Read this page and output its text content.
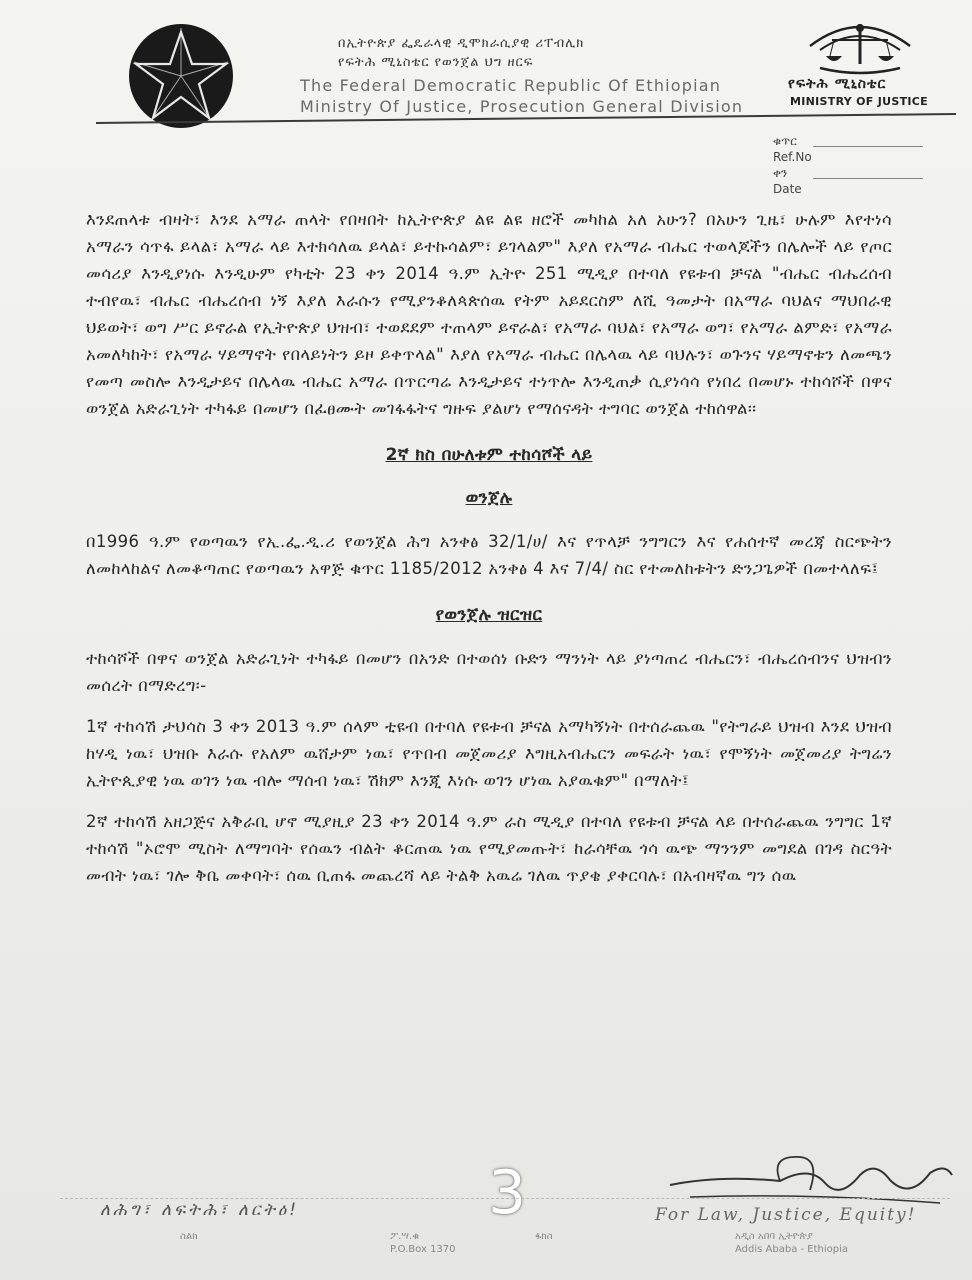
በኢትዮጵያ ፌዴራላዊ ዲሞክራሲያዊ ሪፐብሊክ
የፍትሕ ሚኒስቴር የወንጀል ህግ ዘርፍ
The Federal Democratic Republic Of Ethiopian
Ministry Of Justice, Prosecution General Division
የፍትሕ ሚኒስቴር
MINISTRY OF JUSTICE
ቁጥር
Ref.No
ቀን
Date

እንደጠላቱ ብዛት፣ እንደ አማራ ጠላት የበዛበት ከኢትዮጵያ ልዩ ልዩ ዘሮች መካከል አለ አሁን? በአሁን ጊዜ፣ ሁሉም እየተነሳ አማራን ሳጥፋ ይላል፣ አማራ ላይ እተክሳለዉ ይላል፣ ይተኩሳልም፣ ይገላልም" እያለ የአማራ ብሔር ተወላጆችን በሌሎች ላይ የጦር መሳሪያ እንዲያነሱ እንዲሁም የካቲት 23 ቀን 2014 ዓ.ም ኢትዮ 251 ሚዲያ በተባለ የዩቱብ ቻናል "ብሔር ብሔረሰብ ተብየዉ፣ ብሔር ብሔረሰብ ነኝ እያለ እራሱን የሚያንቆለጳጵሰዉ የትም አይደርስም ለሺ ዓመታት በአማራ ባህልና ማህበራዊ ህይወት፣ ወግ ሥር ይኖራል የኢትዮጵያ ህዝብ፣ ተወደደም ተጠላም ይኖራል፣ የአማራ ባህል፣ የአማራ ወግ፣ የአማራ ልምድ፣ የአማራ አመለካከት፣ የአማራ ሃይማኖት የበላይነትን ይዞ ይቀጥላል" እያለ የአማራ ብሔር በሌላዉ ላይ ባህሉን፣ ወጉንና ሃይማኖቱን ለመጫን የመጣ መስሎ እንዲታይና በሌላዉ ብሔር አማራ በጥርጣሬ እንዲታይና ተነጥሎ እንዲጠቃ ሲያነሳሳ የነበረ በመሆኑ ተከሳሾች በዋና ወንጀል አድራጊነት ተካፋይ በመሆን በፈፀሙት መገፋፋትና ግዙፍ ያልሆነ የማሰናዳት ተግባር ወንጀል ተከሰዋል፡፡

2ኛ ክስ በሁለቱም ተከሳሾች ላይ
ወንጀሉ

በ1996 ዓ.ም የወጣዉን የኢ.ፌ.ዲ.ሪ የወንጀል ሕግ አንቀፅ 32/1/ሀ/ እና የጥላቻ ንግግርን እና የሐሰተኛ መረጃ ስርጭትን ለመከላከልና ለመቆጣጠር የወጣዉን አዋጅ ቁጥር 1185/2012 አንቀፅ 4 እና 7/4/ ስር የተመለከቱትን ድንጋጌዎች በመተላለፍ፤

የወንጀሉ ዝርዝር

ተከሳሾች በዋና ወንጀል አድራጊነት ተካፋይ በመሆን በአንድ በተወሰነ ቡድን ማንነት ላይ ያነጣጠረ ብሔርን፣ ብሔረሰብንና ህዝብን መሰረት በማድረግ፡-

1ኛ ተከሳሽ ታህሳስ 3 ቀን 2013 ዓ.ም ሰላም ቲዩብ በተባለ የዩቱብ ቻናል አማካኝነት በተሰራጨዉ "የትግራይ ህዝብ እንደ ህዝብ ከሃዲ ነዉ፣ ህዝቡ እራሱ የአለም ዉሸታም ነዉ፣ የጥበብ መጀመሪያ እግዚአብሔርን መፍራት ነዉ፣ የሞኝነት መጀመሪያ ትግሬን ኢትዮጲያዊ ነዉ ወገን ነዉ ብሎ ማሰብ ነዉ፣ ሽክም እንጂ እነሱ ወገን ሆነዉ አያዉቁም" በማለት፤

2ኛ ተከሳሽ አዘጋጅና አቅራቢ ሆኖ ሚያዚያ 23 ቀን 2014 ዓ.ም ራስ ሚዲያ በተባለ የዩቱብ ቻናል ላይ በተሰራጨዉ ንግግር 1ኛ ተከሳሽ "ኦሮሞ ሚስት ለማግባት የሰዉን ብልት ቆርጠዉ ነዉ የሚያመጡት፣ ከራሳቸዉ ጎሳ ዉጭ ማንንም መግደል በገዳ ስርዓት መብት ነዉ፣ ገሎ ቅቤ መቀባት፣ ሰዉ ቢጠፋ መጨረሻ ላይ ትልቅ አዉሬ ገለዉ ጥያቄ ያቀርባሉ፣ በአብዛኛዉ ግን ሰዉ

3
ለሕግ፣ ለፍትሕ፣ ለርትዕ!	For Law, Justice, Equity!
ስልክ	ፖ.ሣ.ቁ
P.O.Box 1370
ፋክስ	አዲስ አበባ ኢትዮጵያ
Addis Ababa - Ethiopia
